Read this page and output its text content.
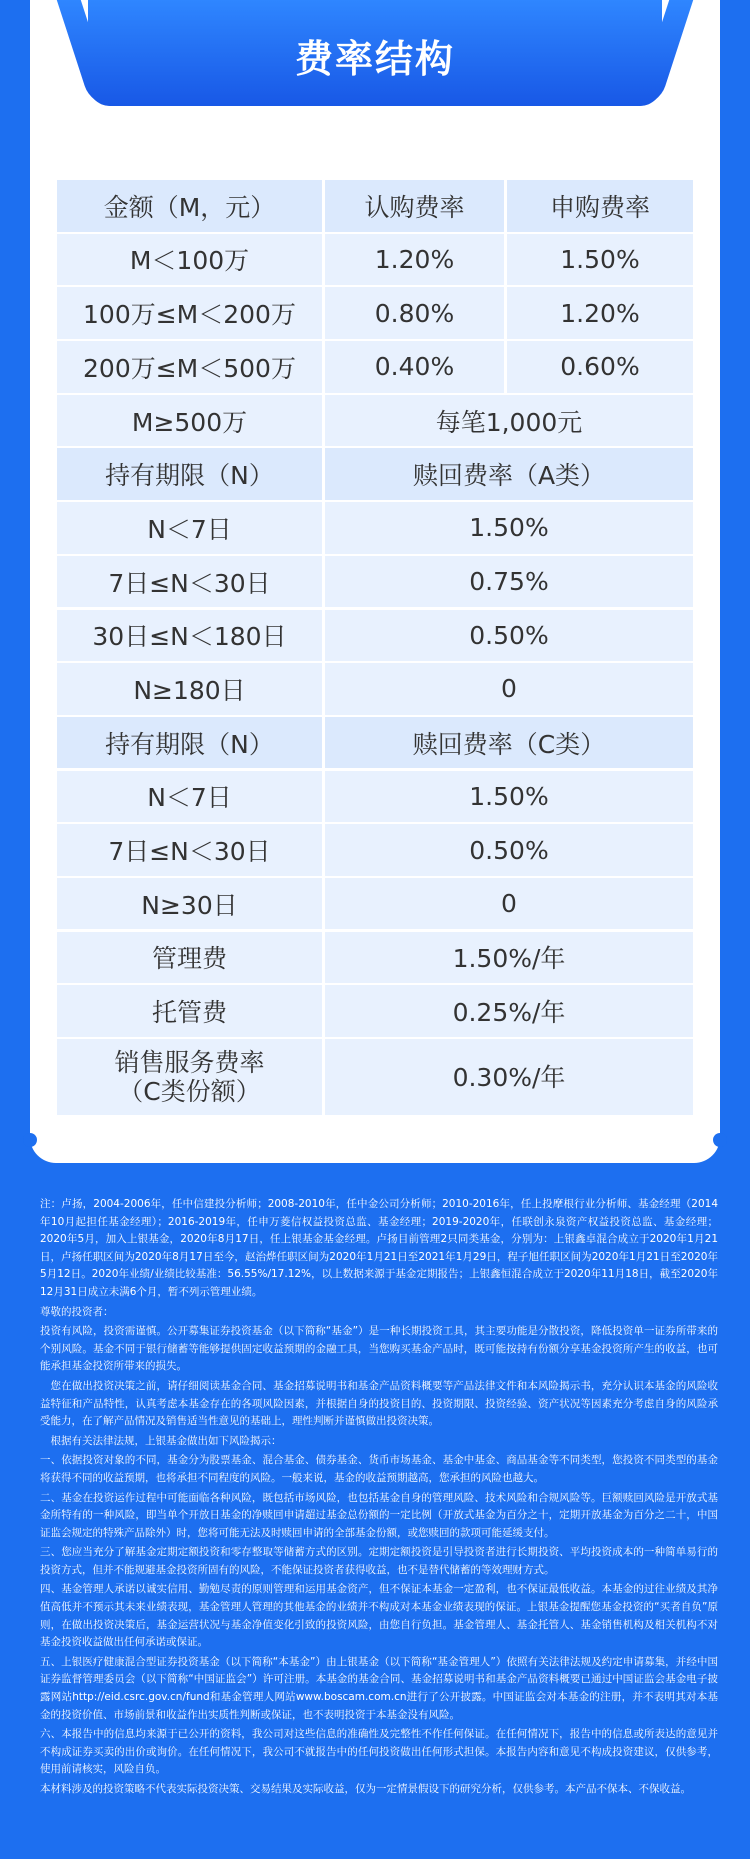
费率结构
金额（M，元）	认购费率	申购费率
M＜100万	1.20%	1.50%
100万≤M＜200万	0.80%	1.20%
200万≤M＜500万	0.40%	0.60%
M≥500万	每笔1,000元
持有期限（N）	赎回费率（A类）
N＜7日	1.50%
7日≤N＜30日	0.75%
30日≤N＜180日	0.50%
N≥180日	0
持有期限（N）	赎回费率（C类）
N＜7日	1.50%
7日≤N＜30日	0.50%
N≥30日	0
管理费	1.50%/年
托管费	0.25%/年
销售服务费率
（C类份额）	0.30%/年

注：卢扬，2004-2006年，任中信建投分析师；2008-2010年，任中金公司分析师；2010-2016年，任上投摩根行业分析师、基金经理（2014年10月起担任基金经理）；2016-2019年，任申万菱信权益投资总监、基金经理；2019-2020年，任联创永泉资产权益投资总监、基金经理；2020年5月，加入上银基金，2020年8月17日，任上银基金基金经理。卢扬目前管理2只同类基金，分别为：上银鑫卓混合成立于2020年1月21日，卢扬任职区间为2020年8月17日至今，赵治烨任职区间为2020年1月21日至2021年1月29日，程子旭任职区间为2020年1月21日至2020年5月12日。2020年业绩/业绩比较基准：56.55%/17.12%，以上数据来源于基金定期报告；上银鑫恒混合成立于2020年11月18日，截至2020年12月31日成立未满6个月，暂不列示管理业绩。

尊敬的投资者：

投资有风险，投资需谨慎。公开募集证券投资基金（以下简称“基金”）是一种长期投资工具，其主要功能是分散投资，降低投资单一证券所带来的个别风险。基金不同于银行储蓄等能够提供固定收益预期的金融工具，当您购买基金产品时，既可能按持有份额分享基金投资所产生的收益，也可能承担基金投资所带来的损失。

您在做出投资决策之前，请仔细阅读基金合同、基金招募说明书和基金产品资料概要等产品法律文件和本风险揭示书，充分认识本基金的风险收益特征和产品特性，认真考虑本基金存在的各项风险因素，并根据自身的投资目的、投资期限、投资经验、资产状况等因素充分考虑自身的风险承受能力，在了解产品情况及销售适当性意见的基础上，理性判断并谨慎做出投资决策。

根据有关法律法规，上银基金做出如下风险揭示：

一、依据投资对象的不同，基金分为股票基金、混合基金、债券基金、货币市场基金、基金中基金、商品基金等不同类型，您投资不同类型的基金将获得不同的收益预期，也将承担不同程度的风险。一般来说，基金的收益预期越高，您承担的风险也越大。

二、基金在投资运作过程中可能面临各种风险，既包括市场风险，也包括基金自身的管理风险、技术风险和合规风险等。巨额赎回风险是开放式基金所特有的一种风险，即当单个开放日基金的净赎回申请超过基金总份额的一定比例（开放式基金为百分之十，定期开放基金为百分之二十，中国证监会规定的特殊产品除外）时，您将可能无法及时赎回申请的全部基金份额，或您赎回的款项可能延缓支付。

三、您应当充分了解基金定期定额投资和零存整取等储蓄方式的区别。定期定额投资是引导投资者进行长期投资、平均投资成本的一种简单易行的投资方式，但并不能规避基金投资所固有的风险，不能保证投资者获得收益，也不是替代储蓄的等效理财方式。

四、基金管理人承诺以诚实信用、勤勉尽责的原则管理和运用基金资产，但不保证本基金一定盈利，也不保证最低收益。本基金的过往业绩及其净值高低并不预示其未来业绩表现，基金管理人管理的其他基金的业绩并不构成对本基金业绩表现的保证。上银基金提醒您基金投资的“买者自负”原则，在做出投资决策后，基金运营状况与基金净值变化引致的投资风险，由您自行负担。基金管理人、基金托管人、基金销售机构及相关机构不对基金投资收益做出任何承诺或保证。

五、上银医疗健康混合型证券投资基金（以下简称“本基金”）由上银基金（以下简称“基金管理人”）依照有关法律法规及约定申请募集，并经中国证券监督管理委员会（以下简称“中国证监会”）许可注册。本基金的基金合同、基金招募说明书和基金产品资料概要已通过中国证监会基金电子披露网站http://eid.csrc.gov.cn/fund和基金管理人网站www.boscam.com.cn进行了公开披露。中国证监会对本基金的注册，并不表明其对本基金的投资价值、市场前景和收益作出实质性判断或保证，也不表明投资于本基金没有风险。

六、本报告中的信息均来源于已公开的资料，我公司对这些信息的准确性及完整性不作任何保证。在任何情况下，报告中的信息或所表达的意见并不构成证券买卖的出价或询价。在任何情况下，我公司不就报告中的任何投资做出任何形式担保。本报告内容和意见不构成投资建议，仅供参考，使用前请核实，风险自负。

本材料涉及的投资策略不代表实际投资决策、交易结果及实际收益，仅为一定情景假设下的研究分析，仅供参考。本产品不保本、不保收益。
